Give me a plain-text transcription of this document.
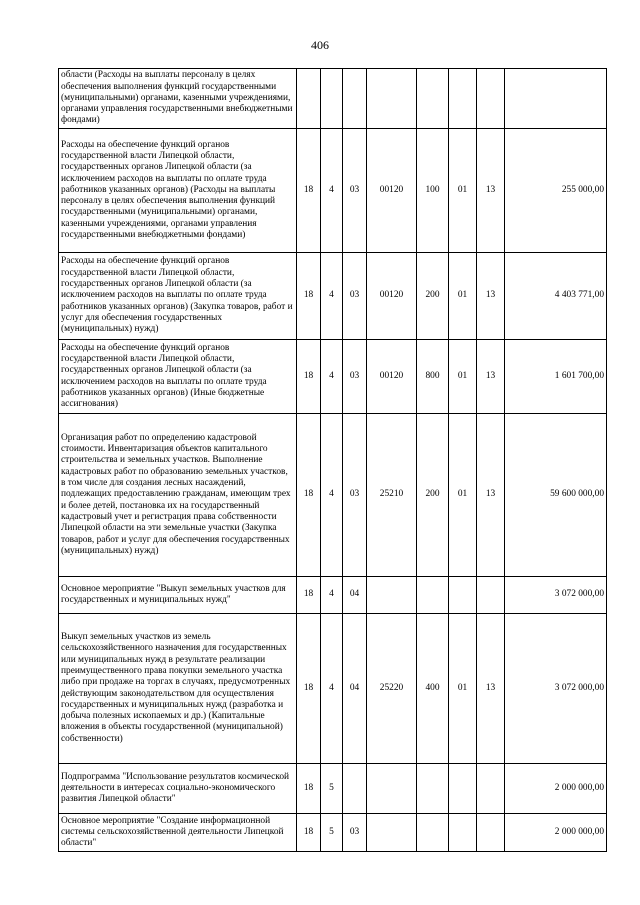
406
области (Расходы на выплаты персоналу в целях обеспечения выполнения функций государственными (муниципальными) органами, казенными учреждениями, органами управления государственными внебюджетными фондами)								
Расходы на обеспечение функций органов государственной власти Липецкой области, государственных органов Липецкой области (за исключением расходов на выплаты по оплате труда работников указанных органов) (Расходы на выплаты персоналу в целях обеспечения выполнения функций государственными (муниципальными) органами, казенными учреждениями, органами управления государственными внебюджетными фондами)	18	4	03	00120	100	01	13	255 000,00
Расходы на обеспечение функций органов государственной власти Липецкой области, государственных органов Липецкой области (за исключением расходов на выплаты по оплате труда работников указанных органов) (Закупка товаров, работ и услуг для обеспечения государственных (муниципальных) нужд)	18	4	03	00120	200	01	13	4 403 771,00
Расходы на обеспечение функций органов государственной власти Липецкой области, государственных органов Липецкой области (за исключением расходов на выплаты по оплате труда работников указанных органов) (Иные бюджетные ассигнования)	18	4	03	00120	800	01	13	1 601 700,00
Организация работ по определению кадастровой стоимости. Инвентаризация объектов капитального строительства и земельных участков. Выполнение кадастровых работ по образованию земельных участков, в том числе для создания лесных насаждений, подлежащих предоставлению гражданам, имеющим трех и более детей, постановка их на государственный кадастровый учет и регистрация права собственности Липецкой области на эти земельные участки (Закупка товаров, работ и услуг для обеспечения государственных (муниципальных) нужд)	18	4	03	25210	200	01	13	59 600 000,00
Основное мероприятие "Выкуп земельных участков для государственных и муниципальных нужд"	18	4	04					3 072 000,00
Выкуп земельных участков из земель сельскохозяйственного назначения для государственных или муниципальных нужд в результате реализации преимущественного права покупки земельного участка либо при продаже на торгах в случаях, предусмотренных действующим законодательством для осуществления государственных и муниципальных нужд (разработка и добыча полезных ископаемых и др.) (Капитальные вложения в объекты государственной (муниципальной) собственности)	18	4	04	25220	400	01	13	3 072 000,00
Подпрограмма "Использование результатов космической деятельности в интересах социально-экономического развития Липецкой области"	18	5						2 000 000,00
Основное мероприятие "Создание информационной системы сельскохозяйственной деятельности Липецкой области"	18	5	03					2 000 000,00
